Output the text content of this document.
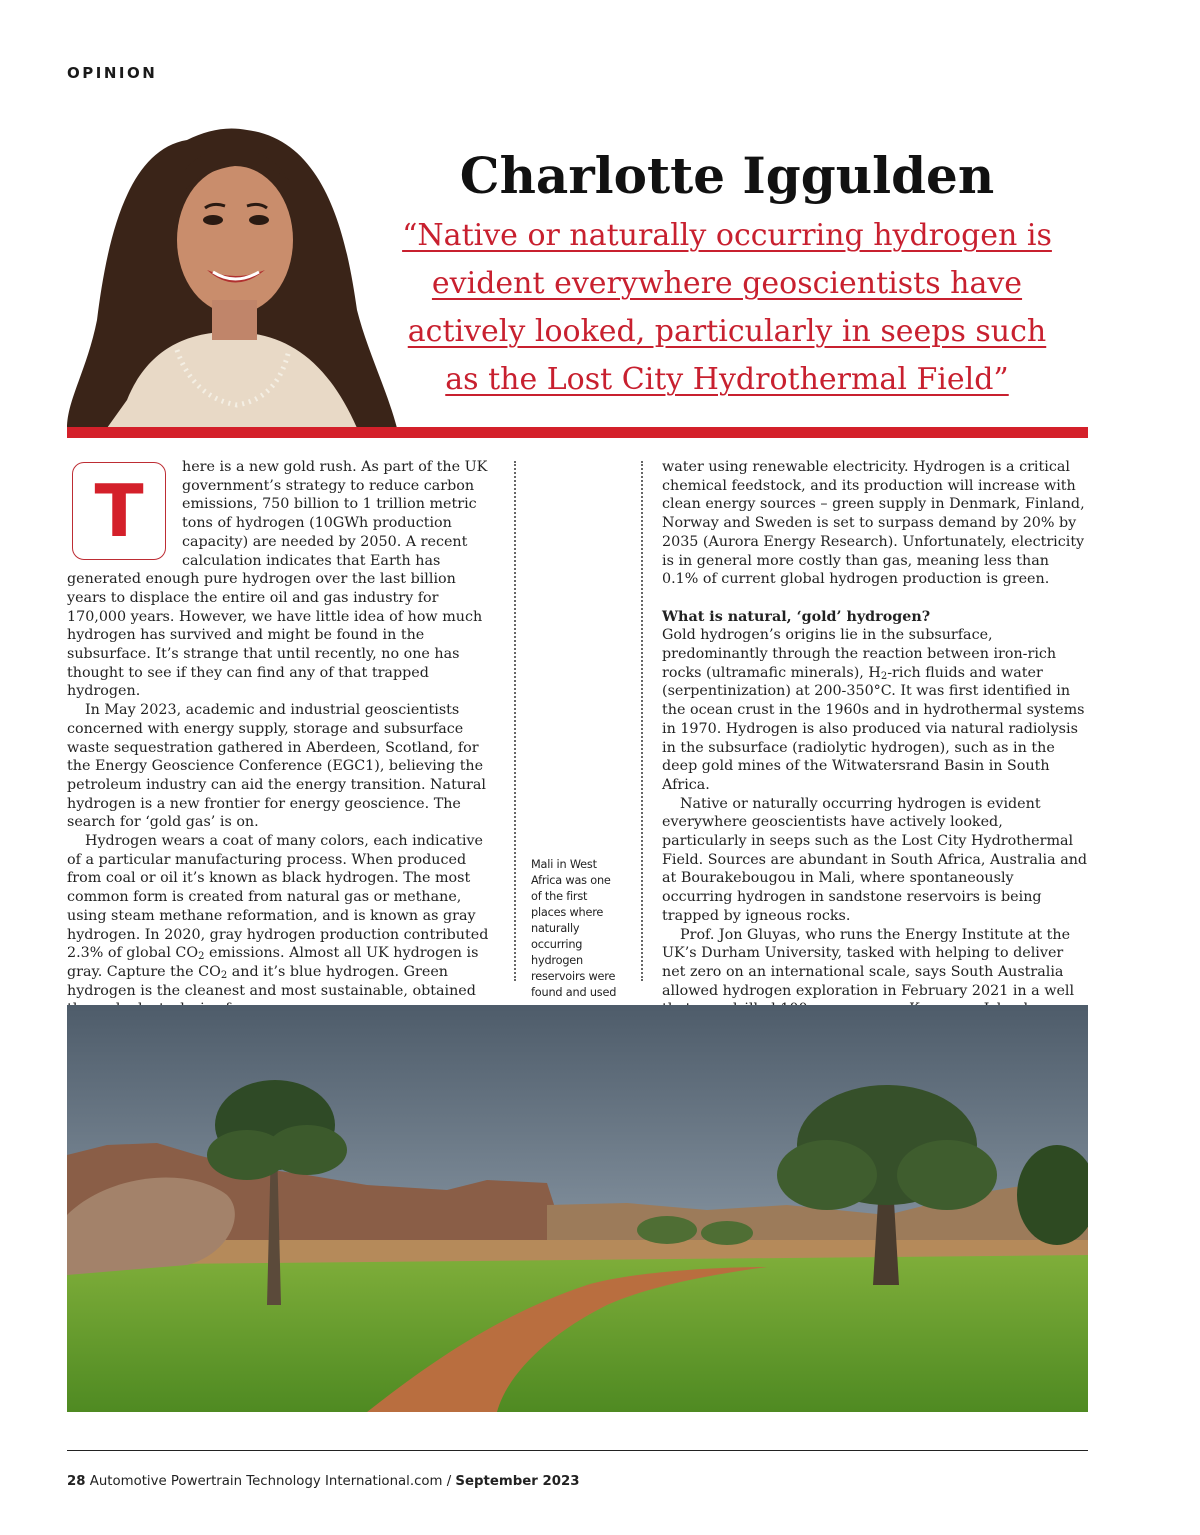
OPINION
Charlotte Iggulden

“Native or naturally occurring hydrogen is evident everywhere geoscientists have actively looked, particularly in seeps such as the Lost City Hydrothermal Field”

T

here is a new gold rush. As part of the UK government’s strategy to reduce carbon emissions, 750 billion to 1 trillion metric tons of hydrogen (10GWh production capacity) are needed by 2050. A recent calculation indicates that Earth has generated enough pure hydrogen over the last billion years to displace the entire oil and gas industry for 170,000 years. However, we have little idea of how much hydrogen has survived and might be found in the subsurface. It’s strange that until recently, no one has thought to see if they can find any of that trapped hydrogen.

In May 2023, academic and industrial geoscientists concerned with energy supply, storage and subsurface waste sequestration gathered in Aberdeen, Scotland, for the Energy Geoscience Conference (EGC1), believing the petroleum industry can aid the energy transition. Natural hydrogen is a new frontier for energy geoscience. The search for ‘gold gas’ is on.

Hydrogen wears a coat of many colors, each indicative of a particular manufacturing process. When produced from coal or oil it’s known as black hydrogen. The most common form is created from natural gas or methane, using steam methane reformation, and is known as gray hydrogen. In 2020, gray hydrogen production contributed 2.3% of global $CO_2$ emissions. Almost all UK hydrogen is gray. Capture the $CO_2$ and it’s blue hydrogen. Green hydrogen is the cleanest and most sustainable, obtained

Mali in West Africa was one of the first places where naturally occurring hydrogen reservoirs were found and used

water using renewable electricity. Hydrogen is a critical chemical feedstock, and its production will increase with clean energy sources – green supply in Denmark, Finland, Norway and Sweden is set to surpass demand by 20% by 2035 (Aurora Energy Research). Unfortunately, electricity is in general more costly than gas, meaning less than 0.1% of current global hydrogen production is green.

What is natural, ‘gold’ hydrogen?

Gold hydrogen’s origins lie in the subsurface, predominantly through the reaction between iron-rich rocks (ultramafic minerals), $H_2$-rich fluids and water (serpentinization) at 200-350°C. It was first identified in the ocean crust in the 1960s and in hydrothermal systems in 1970. Hydrogen is also produced via natural radiolysis in the subsurface (radiolytic hydrogen), such as in the deep gold mines of the Witwatersrand Basin in South Africa.

Native or naturally occurring hydrogen is evident everywhere geoscientists have actively looked, particularly in seeps such as the Lost City Hydrothermal Field. Sources are abundant in South Africa, Australia and at Bourakebougou in Mali, where spontaneously occurring hydrogen in sandstone reservoirs is being trapped by igneous rocks.

Prof. Jon Gluyas, who runs the Energy Institute at the UK’s Durham University, tasked with helping to deliver net zero on an international scale, says South Australia allowed hydrogen exploration in February 2021 in a well

28 Automotive Powertrain Technology International.com / September 2023
